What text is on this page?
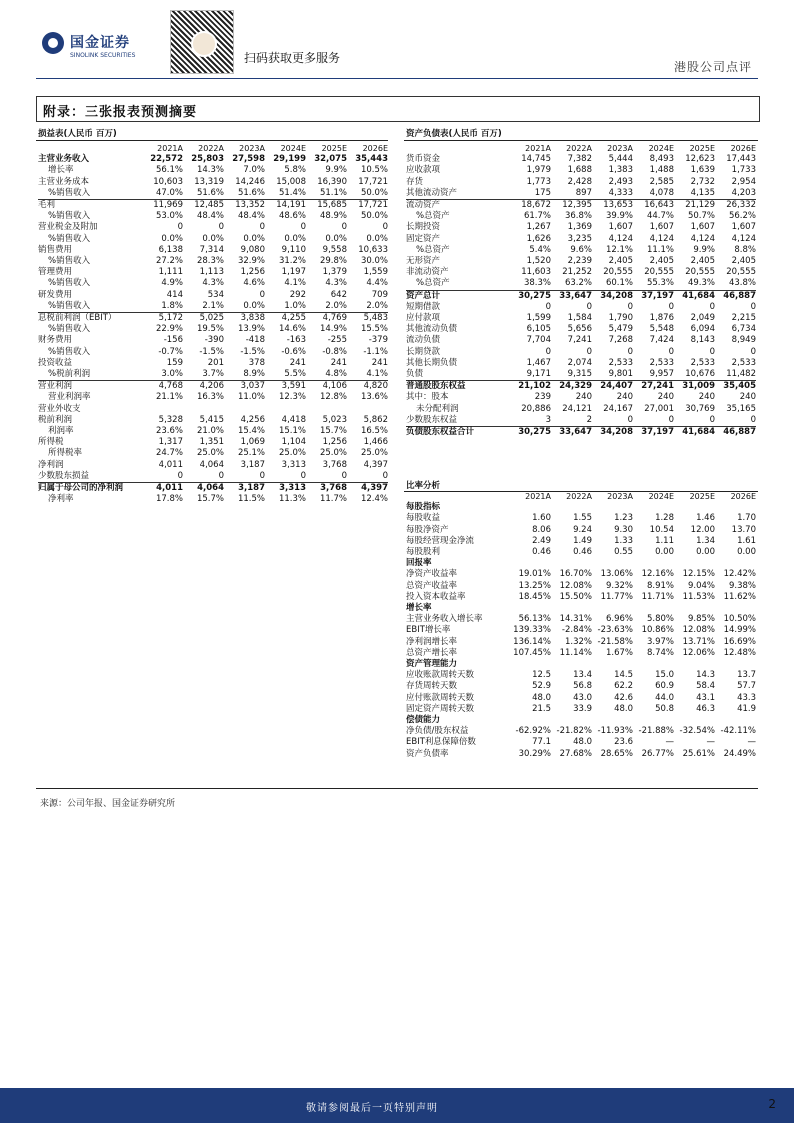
国金证券
SINOLINK SECURITIES	扫码获取更多服务
港股公司点评
附录：三张报表预测摘要
损益表(人民币 百万)
	2021A	2022A	2023A	2024E	2025E	2026E
主营业务收入	22,572	25,803	27,598	29,199	32,075	35,443
增长率	56.1%	14.3%	7.0%	5.8%	9.9%	10.5%
主营业务成本	10,603	13,319	14,246	15,008	16,390	17,721
%销售收入	47.0%	51.6%	51.6%	51.4%	51.1%	50.0%
毛利	11,969	12,485	13,352	14,191	15,685	17,721
%销售收入	53.0%	48.4%	48.4%	48.6%	48.9%	50.0%
营业税金及附加	0	0	0	0	0	0
%销售收入	0.0%	0.0%	0.0%	0.0%	0.0%	0.0%
销售费用	6,138	7,314	9,080	9,110	9,558	10,633
%销售收入	27.2%	28.3%	32.9%	31.2%	29.8%	30.0%
管理费用	1,111	1,113	1,256	1,197	1,379	1,559
%销售收入	4.9%	4.3%	4.6%	4.1%	4.3%	4.4%
研发费用	414	534	0	292	642	709
%销售收入	1.8%	2.1%	0.0%	1.0%	2.0%	2.0%
息税前利润（EBIT）	5,172	5,025	3,838	4,255	4,769	5,483
%销售收入	22.9%	19.5%	13.9%	14.6%	14.9%	15.5%
财务费用	-156	-390	-418	-163	-255	-379
%销售收入	-0.7%	-1.5%	-1.5%	-0.6%	-0.8%	-1.1%

投资收益	159	201	378	241	241	241
%税前利润	3.0%	3.7%	8.9%	5.5%	4.8%	4.1%
营业利润	4,768	4,206	3,037	3,591	4,106	4,820
营业利润率	21.1%	16.3%	11.0%	12.3%	12.8%	13.6%
营业外收支						
税前利润	5,328	5,415	4,256	4,418	5,023	5,862
利润率	23.6%	21.0%	15.4%	15.1%	15.7%	16.5%
所得税	1,317	1,351	1,069	1,104	1,256	1,466
所得税率	24.7%	25.0%	25.1%	25.0%	25.0%	25.0%
净利润	4,011	4,064	3,187	3,313	3,768	4,397
少数股东损益	0	0	0	0	0	0
归属于母公司的净利润	4,011	4,064	3,187	3,313	3,768	4,397
净利率	17.8%	15.7%	11.5%	11.3%	11.7%	12.4%
资产负债表(人民币 百万)
	2021A	2022A	2023A	2024E	2025E	2026E
货币资金	14,745	7,382	5,444	8,493	12,623	17,443
应收款项	1,979	1,688	1,383	1,488	1,639	1,733
存货	1,773	2,428	2,493	2,585	2,732	2,954
其他流动资产	175	897	4,333	4,078	4,135	4,203
流动资产	18,672	12,395	13,653	16,643	21,129	26,332
%总资产	61.7%	36.8%	39.9%	44.7%	50.7%	56.2%
长期投资	1,267	1,369	1,607	1,607	1,607	1,607
固定资产	1,626	3,235	4,124	4,124	4,124	4,124
%总资产	5.4%	9.6%	12.1%	11.1%	9.9%	8.8%
无形资产	1,520	2,239	2,405	2,405	2,405	2,405
非流动资产	11,603	21,252	20,555	20,555	20,555	20,555
%总资产	38.3%	63.2%	60.1%	55.3%	49.3%	43.8%
资产总计	30,275	33,647	34,208	37,197	41,684	46,887
短期借款	0	0	0	0	0	0
应付款项	1,599	1,584	1,790	1,876	2,049	2,215
其他流动负债	6,105	5,656	5,479	5,548	6,094	6,734
流动负债	7,704	7,241	7,268	7,424	8,143	8,949
长期贷款	0	0	0	0	0	0
其他长期负债	1,467	2,074	2,533	2,533	2,533	2,533
负债	9,171	9,315	9,801	9,957	10,676	11,482
普通股股东权益	21,102	24,329	24,407	27,241	31,009	35,405
其中：股本	239	240	240	240	240	240
未分配利润	20,886	24,121	24,167	27,001	30,769	35,165
少数股东权益	3	2	0	0	0	0
负债股东权益合计	30,275	33,647	34,208	37,197	41,684	46,887
比率分析
	2021A	2022A	2023A	2024E	2025E	2026E
每股指标						
每股收益	1.60	1.55	1.23	1.28	1.46	1.70
每股净资产	8.06	9.24	9.30	10.54	12.00	13.70
每股经营现金净流	2.49	1.49	1.33	1.11	1.34	1.61
每股股利	0.46	0.46	0.55	0.00	0.00	0.00
回报率						
净资产收益率	19.01%	16.70%	13.06%	12.16%	12.15%	12.42%
总资产收益率	13.25%	12.08%	9.32%	8.91%	9.04%	9.38%
投入资本收益率	18.45%	15.50%	11.77%	11.71%	11.53%	11.62%
增长率						
主营业务收入增长率	56.13%	14.31%	6.96%	5.80%	9.85%	10.50%
EBIT增长率	139.33%	-2.84%	-23.63%	10.86%	12.08%	14.99%
净利润增长率	136.14%	1.32%	-21.58%	3.97%	13.71%	16.69%
总资产增长率	107.45%	11.14%	1.67%	8.74%	12.06%	12.48%
资产管理能力						
应收账款周转天数	12.5	13.4	14.5	15.0	14.3	13.7
存货周转天数	52.9	56.8	62.2	60.9	58.4	57.7
应付账款周转天数	48.0	43.0	42.6	44.0	43.1	43.3
固定资产周转天数	21.5	33.9	48.0	50.8	46.3	41.9
偿债能力						
净负债/股东权益	-62.92%	-21.82%	-11.93%	-21.88%	-32.54%	-42.11%
EBIT利息保障倍数	77.1	48.0	23.6	—	—	—
资产负债率	30.29%	27.68%	28.65%	26.77%	25.61%	24.49%
来源：公司年报、国金证券研究所
敬请参阅最后一页特别声明	2
